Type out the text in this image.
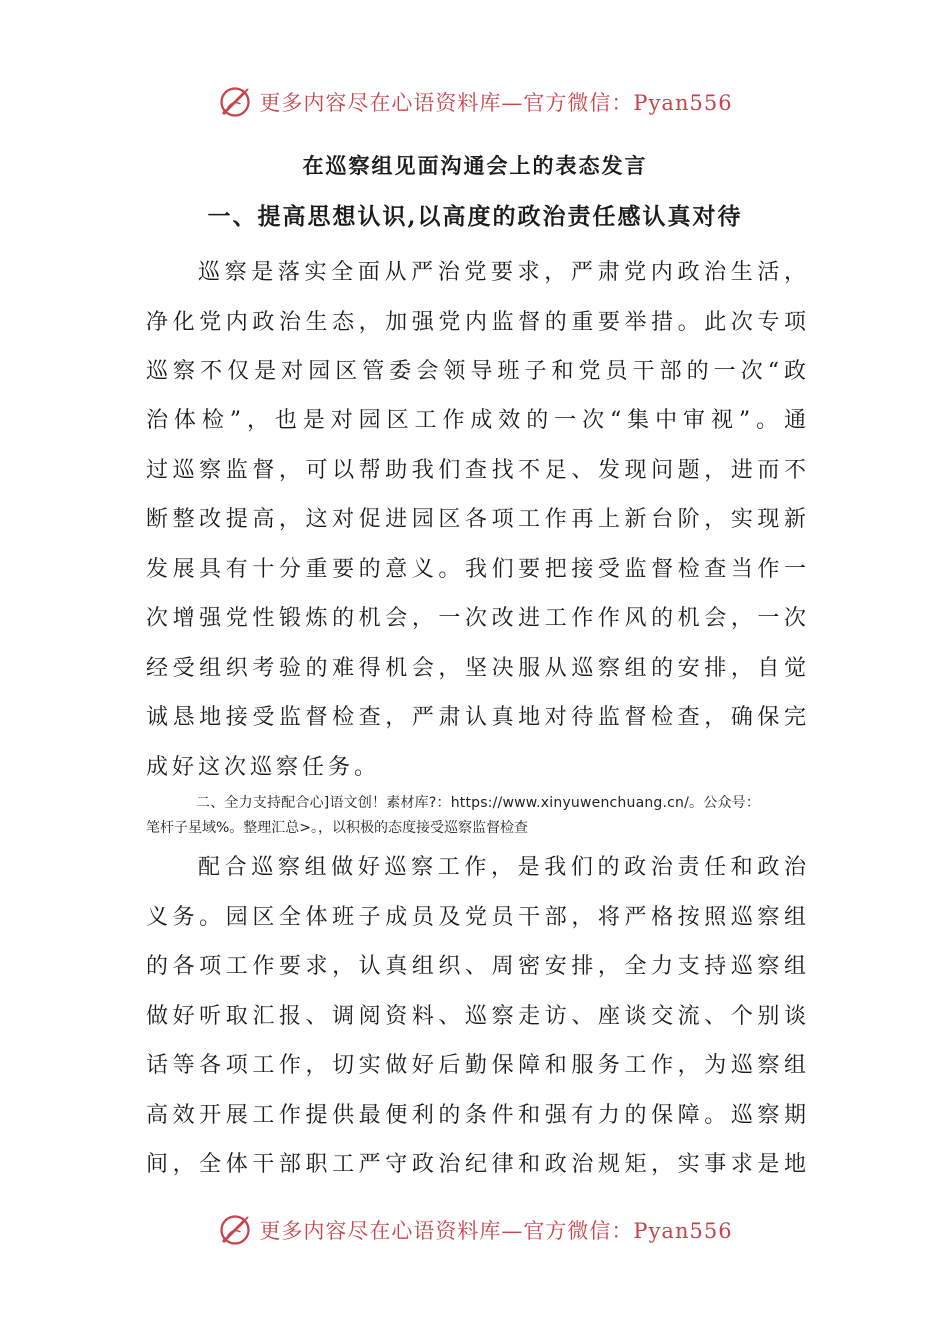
更多内容尽在心语资料库—官方微信：Pyan556
在巡察组见面沟通会上的表态发言
一、提高思想认识,以高度的政治责任感认真对待
巡察是落实全面从严治党要求，严肃党内政治生活，
净化党内政治生态，加强党内监督的重要举措。此次专项
巡察不仅是对园区管委会领导班子和党员干部的一次“政
治体检”，也是对园区工作成效的一次“集中审视”。通
过巡察监督，可以帮助我们查找不足、发现问题，进而不
断整改提高，这对促进园区各项工作再上新台阶，实现新
发展具有十分重要的意义。我们要把接受监督检查当作一
次增强党性锻炼的机会，一次改进工作作风的机会，一次
经受组织考验的难得机会，坚决服从巡察组的安排，自觉
诚恳地接受监督检查，严肃认真地对待监督检查，确保完
成好这次巡察任务。
二、全力支持配合心]语文创！素材库?：https://www.xinyuwenchuang.cn/。公众号：
笔杆子星域%。整理汇总>。，以积极的态度接受巡察监督检查
配合巡察组做好巡察工作，是我们的政治责任和政治
义务。园区全体班子成员及党员干部，将严格按照巡察组
的各项工作要求，认真组织、周密安排，全力支持巡察组
做好听取汇报、调阅资料、巡察走访、座谈交流、个别谈
话等各项工作，切实做好后勤保障和服务工作，为巡察组
高效开展工作提供最便利的条件和强有力的保障。巡察期
间，全体干部职工严守政治纪律和政治规矩，实事求是地
更多内容尽在心语资料库—官方微信：Pyan556
